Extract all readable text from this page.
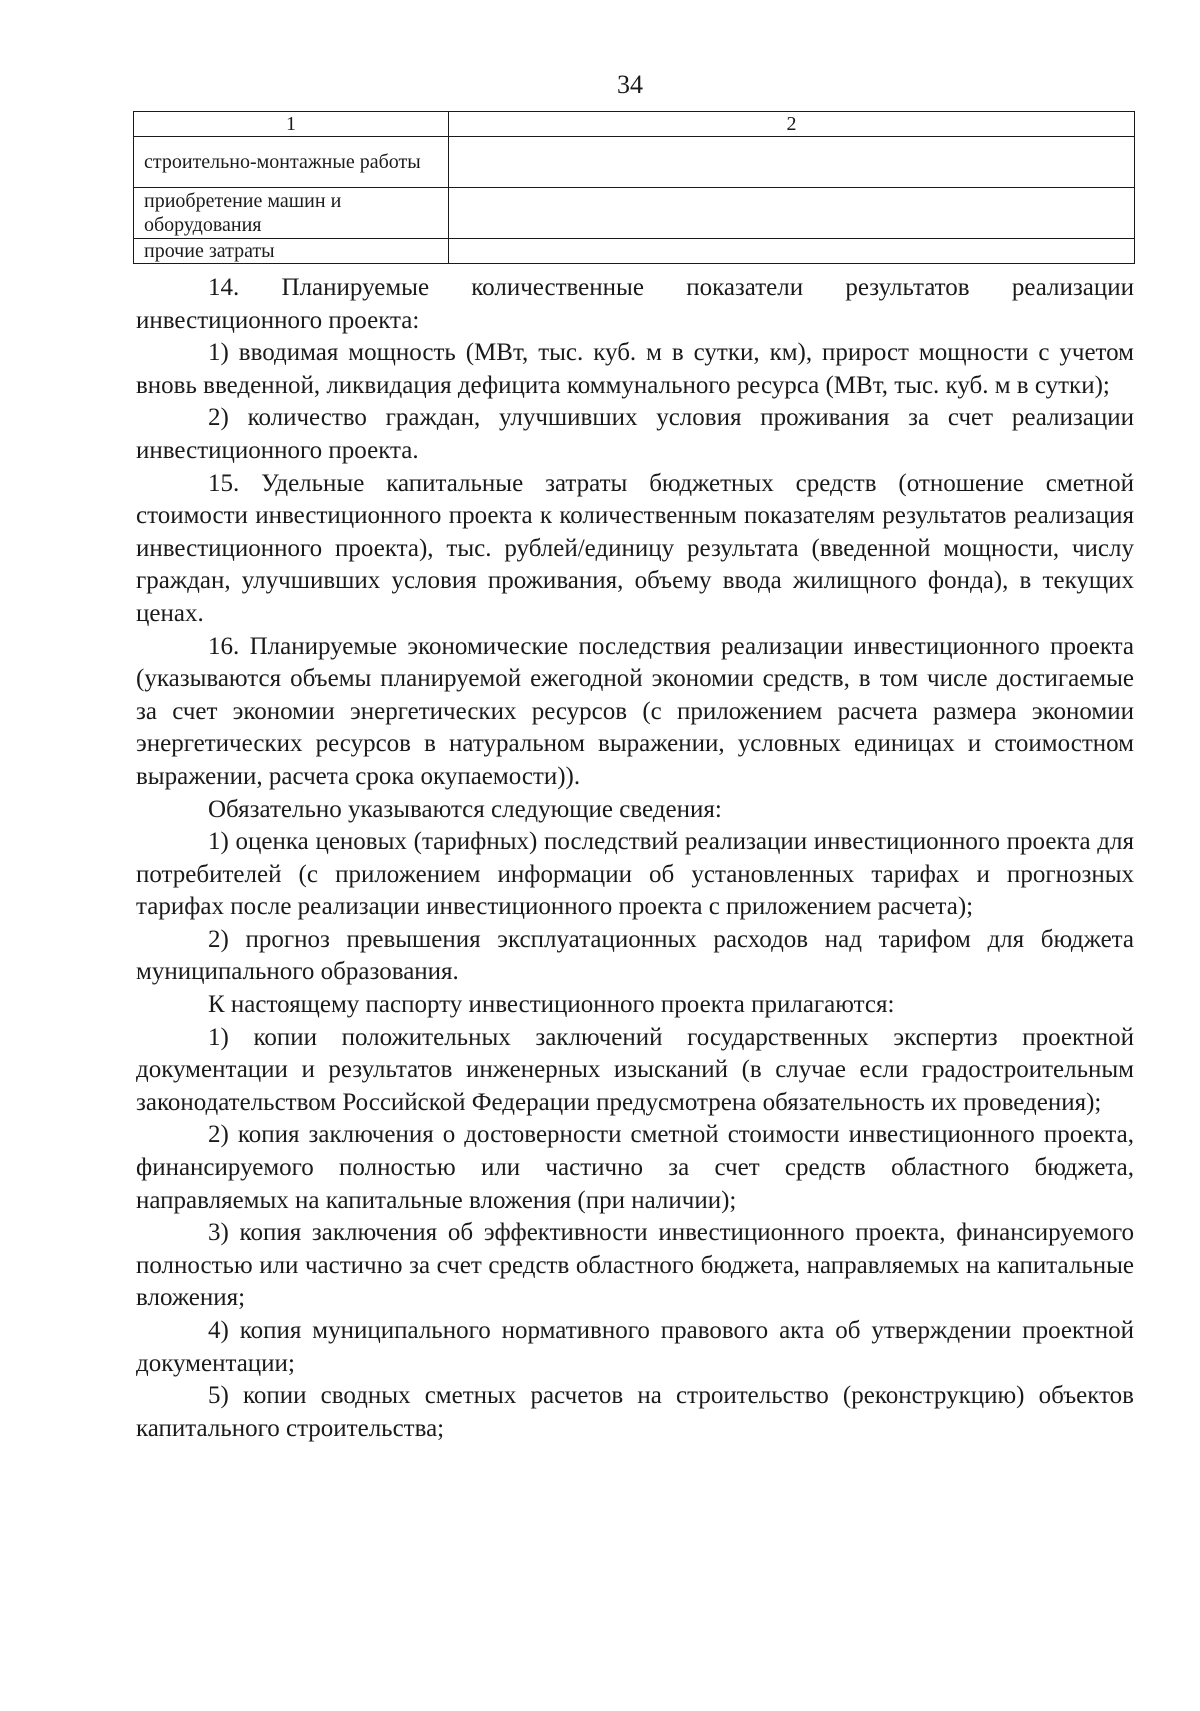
34
1	2
строительно-монтажные работы	
приобретение машин и оборудования	
прочие затраты	

14. Планируемые количественные показатели результатов реализации инвестиционного проекта:

1) вводимая мощность (МВт, тыс. куб. м в сутки, км), прирост мощности с учетом вновь введенной, ликвидация дефицита коммунального ресурса (МВт, тыс. куб. м в сутки);

2) количество граждан, улучшивших условия проживания за счет реализации инвестиционного проекта.

15. Удельные капитальные затраты бюджетных средств (отношение сметной стоимости инвестиционного проекта к количественным показателям результатов реализация инвестиционного проекта), тыс. рублей/единицу результата (введенной мощности, числу граждан, улучшивших условия проживания, объему ввода жилищного фонда), в текущих ценах.

16. Планируемые экономические последствия реализации инвестиционного проекта (указываются объемы планируемой ежегодной экономии средств, в том числе достигаемые за счет экономии энергетических ресурсов (с приложением расчета размера экономии энергетических ресурсов в натуральном выражении, условных единицах и стоимостном выражении, расчета срока окупаемости)).

Обязательно указываются следующие сведения:

1) оценка ценовых (тарифных) последствий реализации инвестиционного проекта для потребителей (с приложением информации об установленных тарифах и прогнозных тарифах после реализации инвестиционного проекта с приложением расчета);

2) прогноз превышения эксплуатационных расходов над тарифом для бюджета муниципального образования.

К настоящему паспорту инвестиционного проекта прилагаются:

1) копии положительных заключений государственных экспертиз проектной документации и результатов инженерных изысканий (в случае если градостроительным законодательством Российской Федерации предусмотрена обязательность их проведения);

2) копия заключения о достоверности сметной стоимости инвестиционного проекта, финансируемого полностью или частично за счет средств областного бюджета, направляемых на капитальные вложения (при наличии);

3) копия заключения об эффективности инвестиционного проекта, финансируемого полностью или частично за счет средств областного бюджета, направляемых на капитальные вложения;

4) копия муниципального нормативного правового акта об утверждении проектной документации;

5) копии сводных сметных расчетов на строительство (реконструкцию) объектов капитального строительства;
